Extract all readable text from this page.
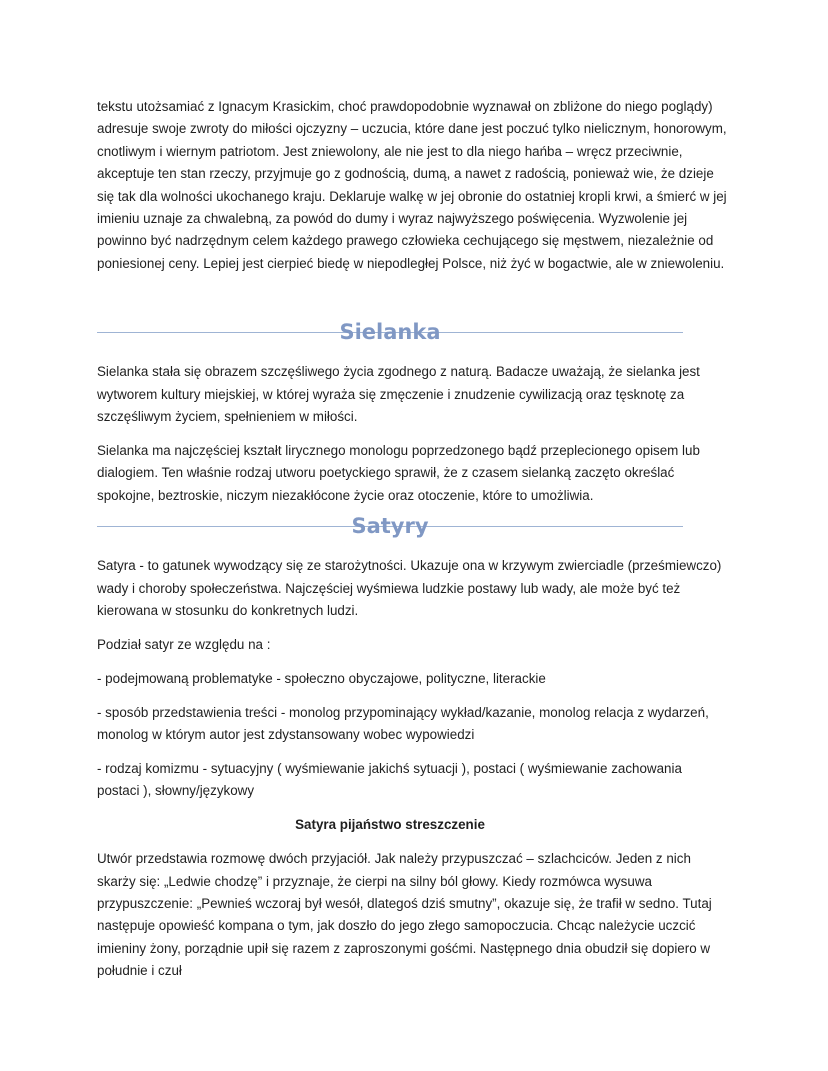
tekstu utożsamiać z Ignacym Krasickim, choć prawdopodobnie wyznawał on zbliżone do niego poglądy) adresuje swoje zwroty do miłości ojczyzny – uczucia, które dane jest poczuć tylko nielicznym, honorowym, cnotliwym i wiernym patriotom. Jest zniewolony, ale nie jest to dla niego hańba – wręcz przeciwnie, akceptuje ten stan rzeczy, przyjmuje go z godnością, dumą, a nawet z radością, ponieważ wie, że dzieje się tak dla wolności ukochanego kraju. Deklaruje walkę w jej obronie do ostatniej kropli krwi, a śmierć w jej imieniu uznaje za chwalebną, za powód do dumy i wyraz najwyższego poświęcenia. Wyzwolenie jej powinno być nadrzędnym celem każdego prawego człowieka cechującego się męstwem, niezależnie od poniesionej ceny. Lepiej jest cierpieć biedę w niepodległej Polsce, niż żyć w bogactwie, ale w zniewoleniu.

Sielanka

Sielanka stała się obrazem szczęśliwego życia zgodnego z naturą. Badacze uważają, że sielanka jest wytworem kultury miejskiej, w której wyraża się zmęczenie i znudzenie cywilizacją oraz tęsknotę za szczęśliwym życiem, spełnieniem w miłości.

Sielanka ma najczęściej kształt lirycznego monologu poprzedzonego bądź przeplecionego opisem lub dialogiem. Ten właśnie rodzaj utworu poetyckiego sprawił, że z czasem sielanką zaczęto określać spokojne, beztroskie, niczym niezakłócone życie oraz otoczenie, które to umożliwia.

Satyry

Satyra - to gatunek wywodzący się ze starożytności. Ukazuje ona w krzywym zwierciadle (prześmiewczo) wady i choroby społeczeństwa. Najczęściej wyśmiewa ludzkie postawy lub wady, ale może być też kierowana w stosunku do konkretnych ludzi.

Podział satyr ze względu na :

- podejmowaną problematyke - społeczno obyczajowe, polityczne, literackie

- sposób przedstawienia treści - monolog przypominający wykład/kazanie, monolog relacja z wydarzeń, monolog w którym autor jest zdystansowany wobec wypowiedzi

- rodzaj komizmu - sytuacyjny ( wyśmiewanie jakichś sytuacji ), postaci ( wyśmiewanie zachowania postaci ), słowny/językowy

Satyra pijaństwo streszczenie

Utwór przedstawia rozmowę dwóch przyjaciół. Jak należy przypuszczać – szlachciców. Jeden z nich skarży się: „Ledwie chodzę” i przyznaje, że cierpi na silny ból głowy. Kiedy rozmówca wysuwa przypuszczenie: „Pewnieś wczoraj był wesół, dlategoś dziś smutny”, okazuje się, że trafił w sedno. Tutaj następuje opowieść kompana o tym, jak doszło do jego złego samopoczucia. Chcąc należycie uczcić imieniny żony, porządnie upił się razem z zaproszonymi gośćmi. Następnego dnia obudził się dopiero w południe i czuł
